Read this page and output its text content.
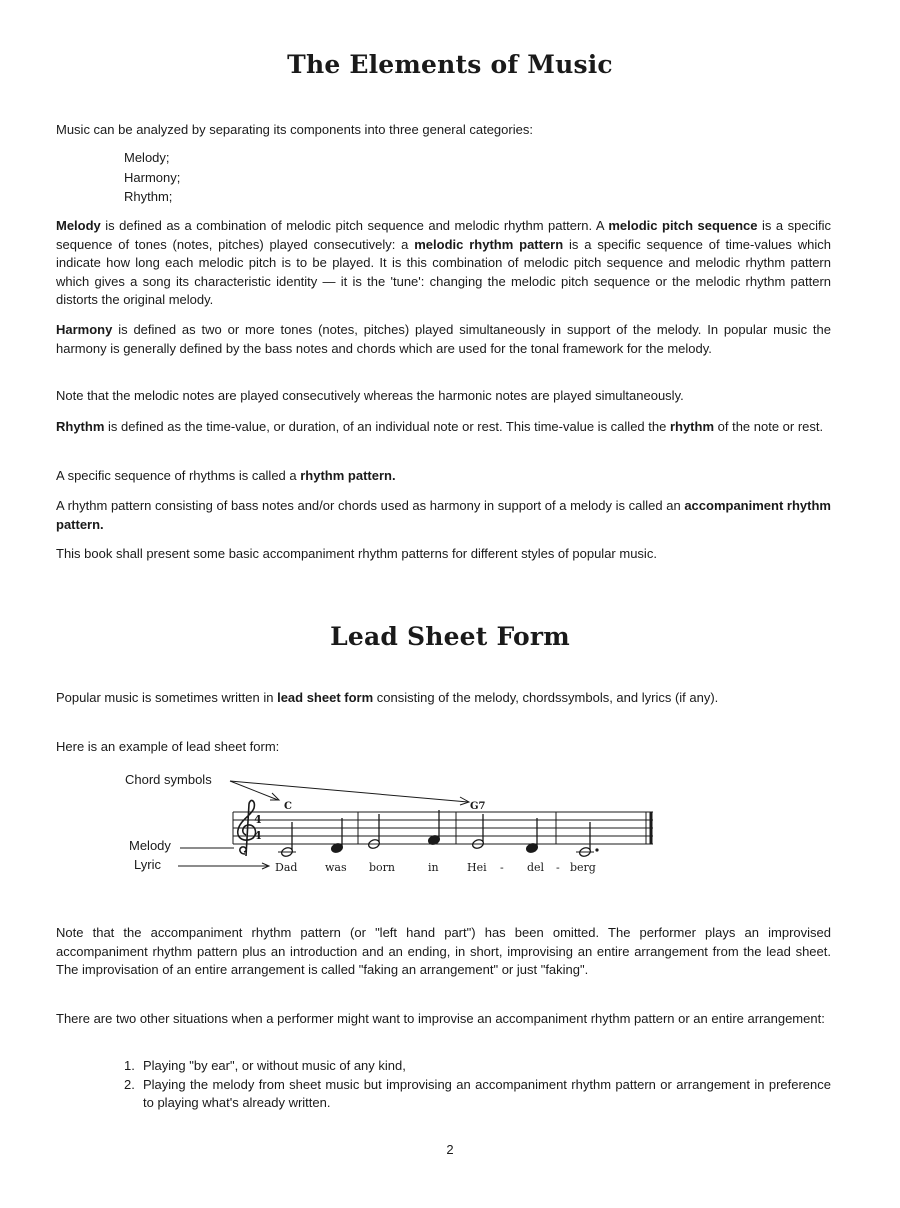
The Elements of Music

Music can be analyzed by separating its components into three general categories:

Melody;
Harmony;
Rhythm;

Melody is defined as a combination of melodic pitch sequence and melodic rhythm pattern. A melodic pitch sequence is a specific sequence of tones (notes, pitches) played consecutively: a melodic rhythm pattern is a specific sequence of time-values which indicate how long each melodic pitch is to be played. It is this combination of melodic pitch sequence and melodic rhythm pattern which gives a song its characteristic identity — it is the 'tune': changing the melodic pitch sequence or the melodic rhythm pattern distorts the original melody.

Harmony is defined as two or more tones (notes, pitches) played simultaneously in support of the melody. In popular music the harmony is generally defined by the bass notes and chords which are used for the tonal framework for the melody.

Note that the melodic notes are played consecutively whereas the harmonic notes are played simultaneously.

Rhythm is defined as the time-value, or duration, of an individual note or rest. This time-value is called the rhythm of the note or rest.

A specific sequence of rhythms is called a rhythm pattern.

A rhythm pattern consisting of bass notes and/or chords used as harmony in support of a melody is called an accompaniment rhythm pattern.

This book shall present some basic accompaniment rhythm patterns for different styles of popular music.

Lead Sheet Form

Popular music is sometimes written in lead sheet form consisting of the melody, chordssymbols, and lyrics (if any).

Here is an example of lead sheet form:

Chord symbols
Melody
Lyric
4
4
C	G7
Dad	was born	in	Hei - del - berg

Note that the accompaniment rhythm pattern (or "left hand part") has been omitted. The performer plays an improvised accompaniment rhythm pattern plus an introduction and an ending, in short, improvising an entire arrangement from the lead sheet. The improvisation of an entire arrangement is called "faking an arrangement" or just "faking".

There are two other situations when a performer might want to improvise an accompaniment rhythm pattern or an entire arrangement:

1. Playing "by ear", or without music of any kind,
2. Playing the melody from sheet music but improvising an accompaniment rhythm pattern or arrangement in preference to playing what's already written.
2
